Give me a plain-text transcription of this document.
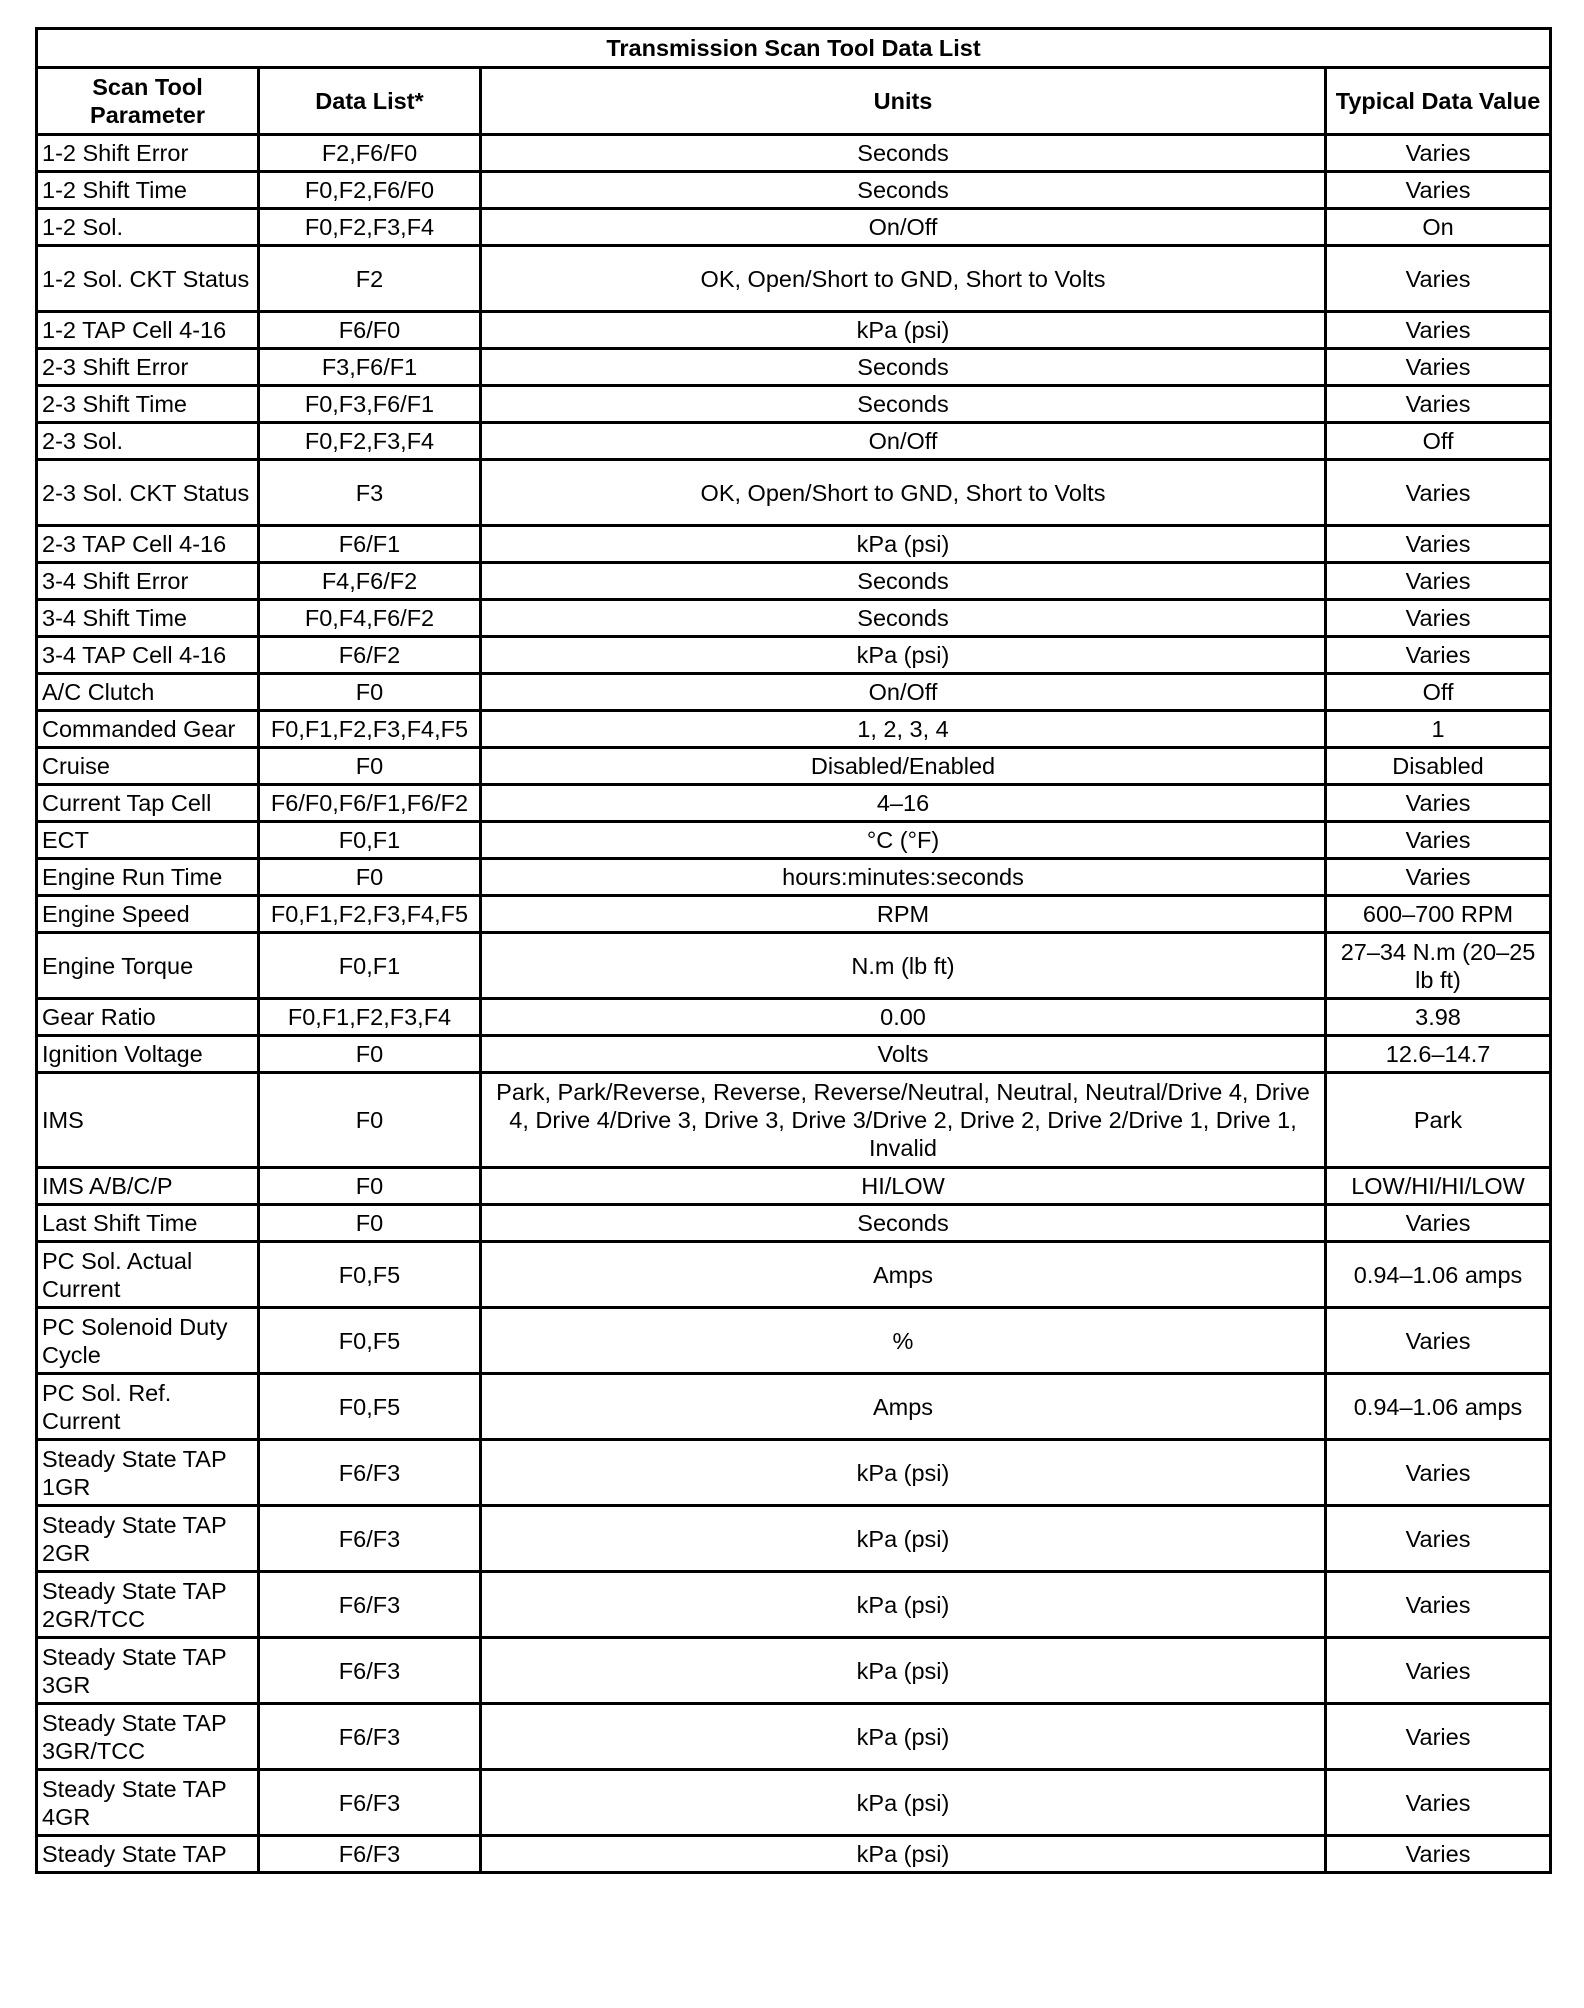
Transmission Scan Tool Data List			
Scan Tool Parameter	Data List*	Units	Typical Data Value
1-2 Shift Error	F2,F6/F0	Seconds	Varies
1-2 Shift Time	F0,F2,F6/F0	Seconds	Varies
1-2 Sol.	F0,F2,F3,F4	On/Off	On
1-2 Sol. CKT Status	F2	OK, Open/Short to GND, Short to Volts	Varies
1-2 TAP Cell 4-16	F6/F0	kPa (psi)	Varies
2-3 Shift Error	F3,F6/F1	Seconds	Varies
2-3 Shift Time	F0,F3,F6/F1	Seconds	Varies
2-3 Sol.	F0,F2,F3,F4	On/Off	Off
2-3 Sol. CKT Status	F3	OK, Open/Short to GND, Short to Volts	Varies
2-3 TAP Cell 4-16	F6/F1	kPa (psi)	Varies
3-4 Shift Error	F4,F6/F2	Seconds	Varies
3-4 Shift Time	F0,F4,F6/F2	Seconds	Varies
3-4 TAP Cell 4-16	F6/F2	kPa (psi)	Varies
A/C Clutch	F0	On/Off	Off
Commanded Gear	F0,F1,F2,F3,F4,F5	1, 2, 3, 4	1
Cruise	F0	Disabled/Enabled	Disabled
Current Tap Cell	F6/F0,F6/F1,F6/F2	4–16	Varies
ECT	F0,F1	°C (°F)	Varies
Engine Run Time	F0	hours:minutes:seconds	Varies
Engine Speed	F0,F1,F2,F3,F4,F5	RPM	600–700 RPM
Engine Torque	F0,F1	N.m (lb ft)	27–34 N.m (20–25 lb ft)
Gear Ratio	F0,F1,F2,F3,F4	0.00	3.98
Ignition Voltage	F0	Volts	12.6–14.7
IMS	F0	Park, Park/Reverse, Reverse, Reverse/Neutral, Neutral, Neutral/Drive 4, Drive 4, Drive 4/Drive 3, Drive 3, Drive 3/Drive 2, Drive 2, Drive 2/Drive 1, Drive 1, Invalid	Park
IMS A/B/C/P	F0	HI/LOW	LOW/HI/HI/LOW
Last Shift Time	F0	Seconds	Varies
PC Sol. Actual Current	F0,F5	Amps	0.94–1.06 amps
PC Solenoid Duty Cycle	F0,F5	%	Varies
PC Sol. Ref. Current	F0,F5	Amps	0.94–1.06 amps
Steady State TAP 1GR	F6/F3	kPa (psi)	Varies
Steady State TAP 2GR	F6/F3	kPa (psi)	Varies
Steady State TAP 2GR/TCC	F6/F3	kPa (psi)	Varies
Steady State TAP 3GR	F6/F3	kPa (psi)	Varies
Steady State TAP 3GR/TCC	F6/F3	kPa (psi)	Varies
Steady State TAP 4GR	F6/F3	kPa (psi)	Varies
Steady State TAP	F6/F3	kPa (psi)	Varies
